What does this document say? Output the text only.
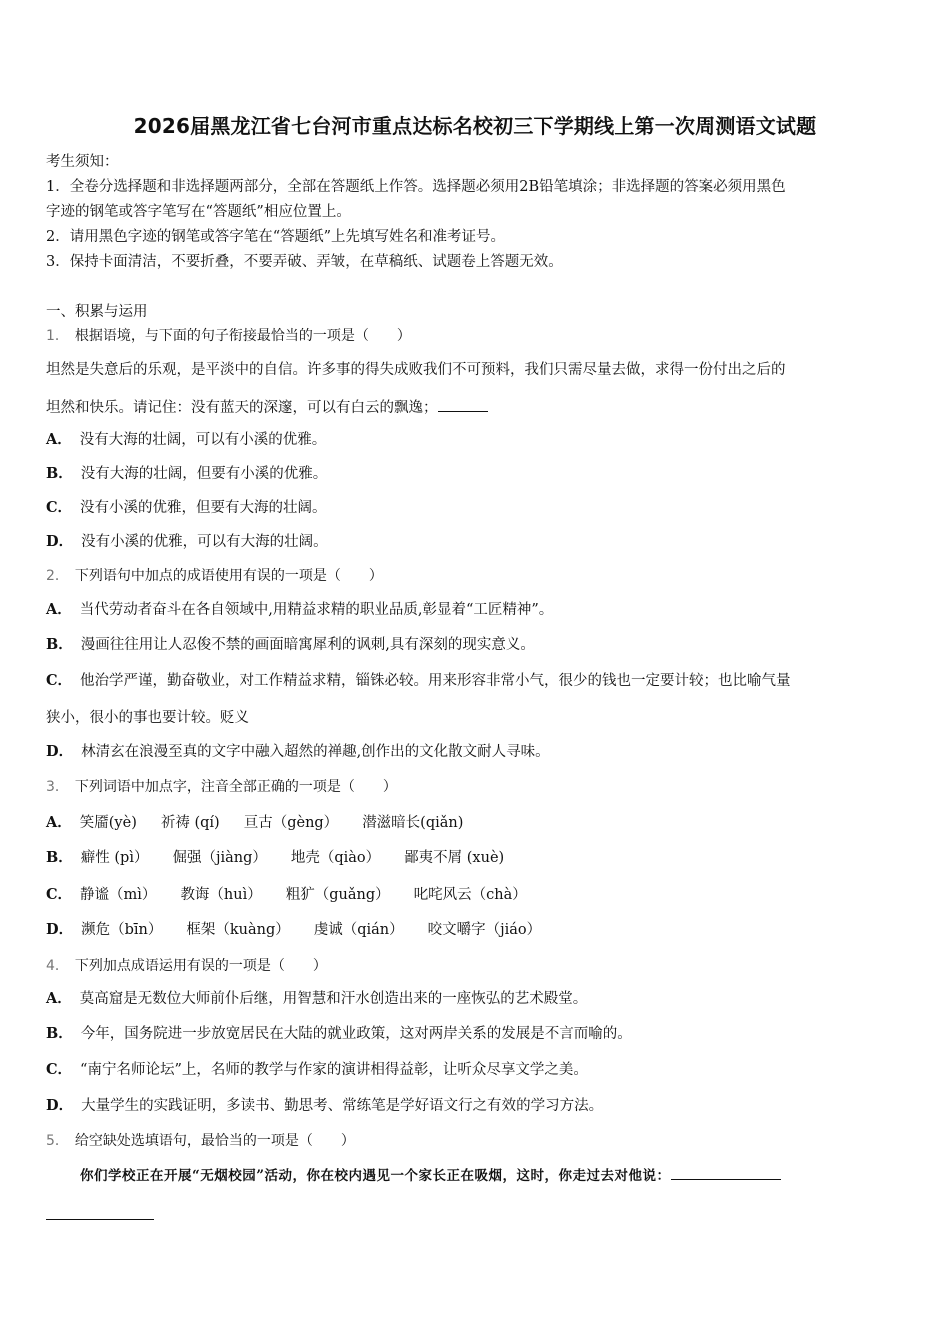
2026届黑龙江省七台河市重点达标名校初三下学期线上第一次周测语文试题
考生须知：
1．全卷分选择题和非选择题两部分，全部在答题纸上作答。选择题必须用2B铅笔填涂；非选择题的答案必须用黑色
字迹的钢笔或答字笔写在“答题纸”相应位置上。
2．请用黑色字迹的钢笔或答字笔在“答题纸”上先填写姓名和准考证号。
3．保持卡面清洁，不要折叠，不要弄破、弄皱，在草稿纸、试题卷上答题无效。
一、积累与运用
1． 根据语境，与下面的句子衔接最恰当的一项是（　　）
坦然是失意后的乐观，是平淡中的自信。许多事的得失成败我们不可预料，我们只需尽量去做，求得一份付出之后的
坦然和快乐。请记住：没有蓝天的深邃，可以有白云的飘逸；
A． 没有大海的壮阔，可以有小溪的优雅。
B． 没有大海的壮阔，但要有小溪的优雅。
C． 没有小溪的优雅，但要有大海的壮阔。
D． 没有小溪的优雅，可以有大海的壮阔。
2． 下列语句中加点的成语使用有误的一项是（　　）
A． 当代劳动者奋斗在各自领域中,用精益求精的职业品质,彰显着“工匠精神”。
B． 漫画往往用让人忍俊不禁的画面暗寓犀利的讽刺,具有深刻的现实意义。
C． 他治学严谨，勤奋敬业，对工作精益求精，锱铢必较。用来形容非常小气，很少的钱也一定要计较；也比喻气量
狭小，很小的事也要计较。贬义
D． 林清玄在浪漫至真的文字中融入超然的禅趣,创作出的文化散文耐人寻味。
3． 下列词语中加点字，注音全部正确的一项是（　　）
A． 笑靥(yè) 祈祷 (qí) 亘古（gèng） 潜滋暗长(qiǎn)
B． 癖性 (pì） 倔强（jiàng） 地壳（qiào） 鄙夷不屑 (xuè)
C． 静谧（mì） 教诲（huì） 粗犷（guǎng） 叱咤风云（chà）
D． 濒危（bīn） 框架（kuàng） 虔诚（qián） 咬文嚼字（jiáo）
4． 下列加点成语运用有误的一项是（　　）
A． 莫高窟是无数位大师前仆后继，用智慧和汗水创造出来的一座恢弘的艺术殿堂。
B． 今年，国务院进一步放宽居民在大陆的就业政策，这对两岸关系的发展是不言而喻的。
C． “南宁名师论坛”上，名师的教学与作家的演讲相得益彰，让听众尽享文学之美。
D． 大量学生的实践证明，多读书、勤思考、常练笔是学好语文行之有效的学习方法。
5． 给空缺处选填语句，最恰当的一项是（　　）
你们学校正在开展“无烟校园”活动，你在校内遇见一个家长正在吸烟，这时，你走过去对他说：
